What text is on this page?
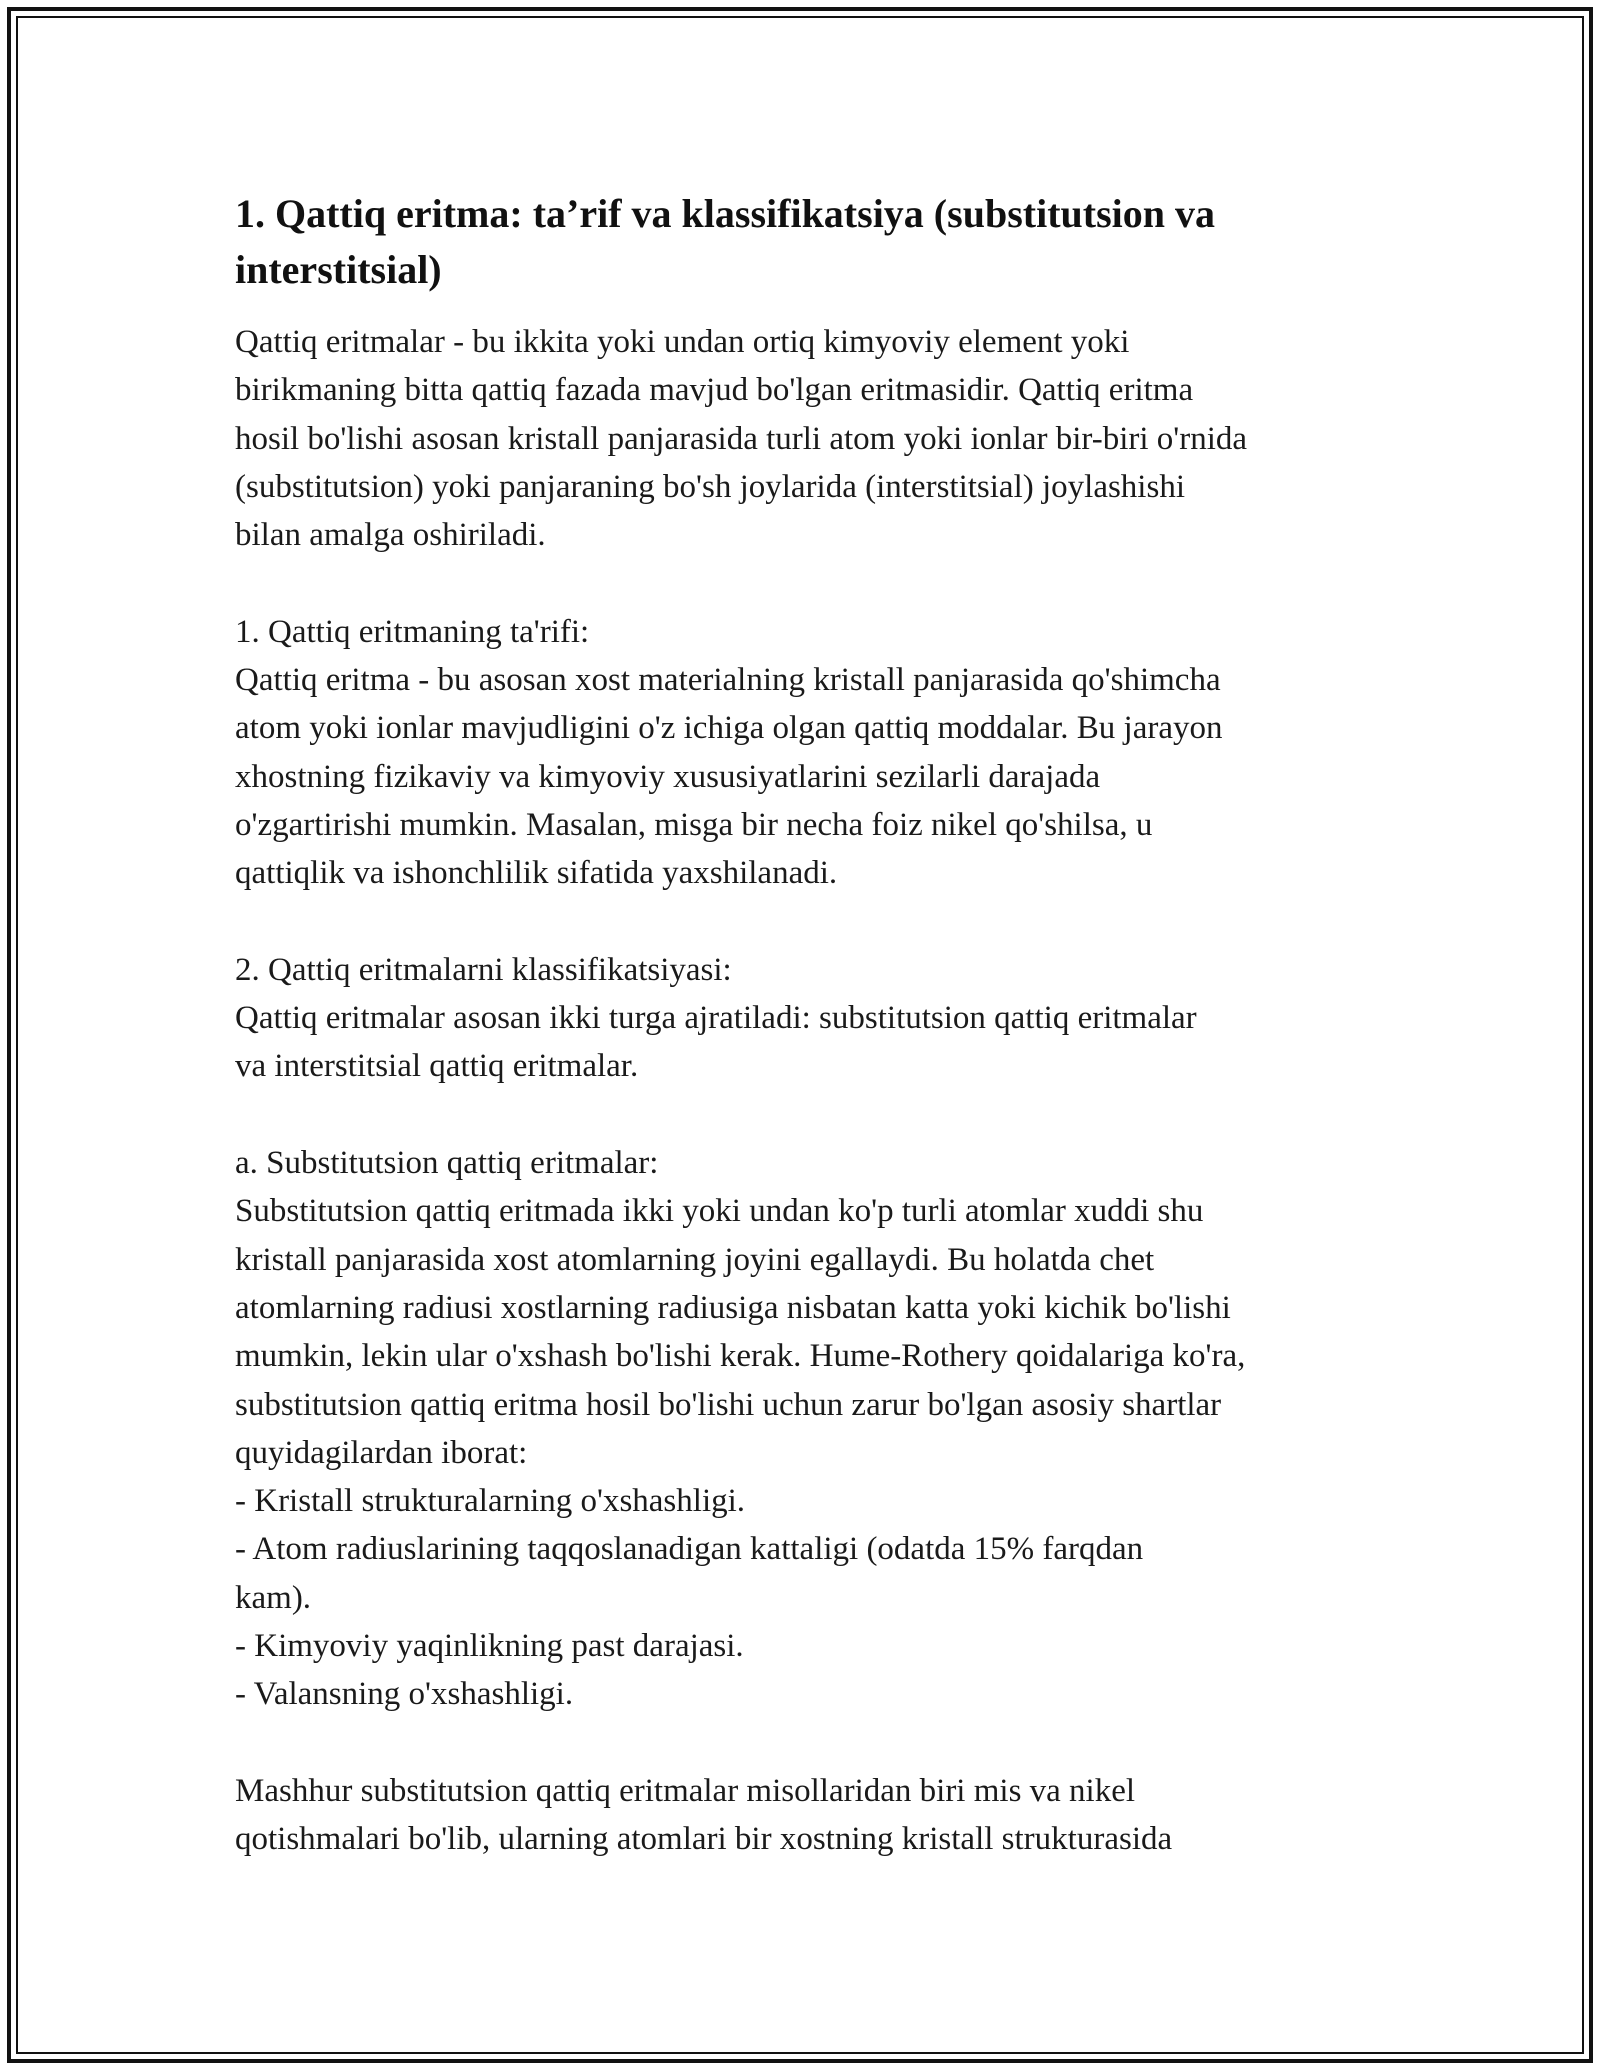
1. Qattiq eritma: ta’rif va klassifikatsiya (substitutsion va
interstitsial)

Qattiq eritmalar - bu ikkita yoki undan ortiq kimyoviy element yoki
birikmaning bitta qattiq fazada mavjud bo'lgan eritmasidir. Qattiq eritma
hosil bo'lishi asosan kristall panjarasida turli atom yoki ionlar bir-biri o'rnida
(substitutsion) yoki panjaraning bo'sh joylarida (interstitsial) joylashishi
bilan amalga oshiriladi.

1. Qattiq eritmaning ta'rifi:

Qattiq eritma - bu asosan xost materialning kristall panjarasida qo'shimcha
atom yoki ionlar mavjudligini o'z ichiga olgan qattiq moddalar. Bu jarayon
xhostning fizikaviy va kimyoviy xususiyatlarini sezilarli darajada
o'zgartirishi mumkin. Masalan, misga bir necha foiz nikel qo'shilsa, u
qattiqlik va ishonchlilik sifatida yaxshilanadi.

2. Qattiq eritmalarni klassifikatsiyasi:

Qattiq eritmalar asosan ikki turga ajratiladi: substitutsion qattiq eritmalar
va interstitsial qattiq eritmalar.

a. Substitutsion qattiq eritmalar:

Substitutsion qattiq eritmada ikki yoki undan ko'p turli atomlar xuddi shu
kristall panjarasida xost atomlarning joyini egallaydi. Bu holatda chet
atomlarning radiusi xostlarning radiusiga nisbatan katta yoki kichik bo'lishi
mumkin, lekin ular o'xshash bo'lishi kerak. Hume-Rothery qoidalariga ko'ra,
substitutsion qattiq eritma hosil bo'lishi uchun zarur bo'lgan asosiy shartlar
quyidagilardan iborat:

- Kristall strukturalarning o'xshashligi.

- Atom radiuslarining taqqoslanadigan kattaligi (odatda 15% farqdan
kam).

- Kimyoviy yaqinlikning past darajasi.

- Valansning o'xshashligi.

Mashhur substitutsion qattiq eritmalar misollaridan biri mis va nikel
qotishmalari bo'lib, ularning atomlari bir xostning kristall strukturasida
